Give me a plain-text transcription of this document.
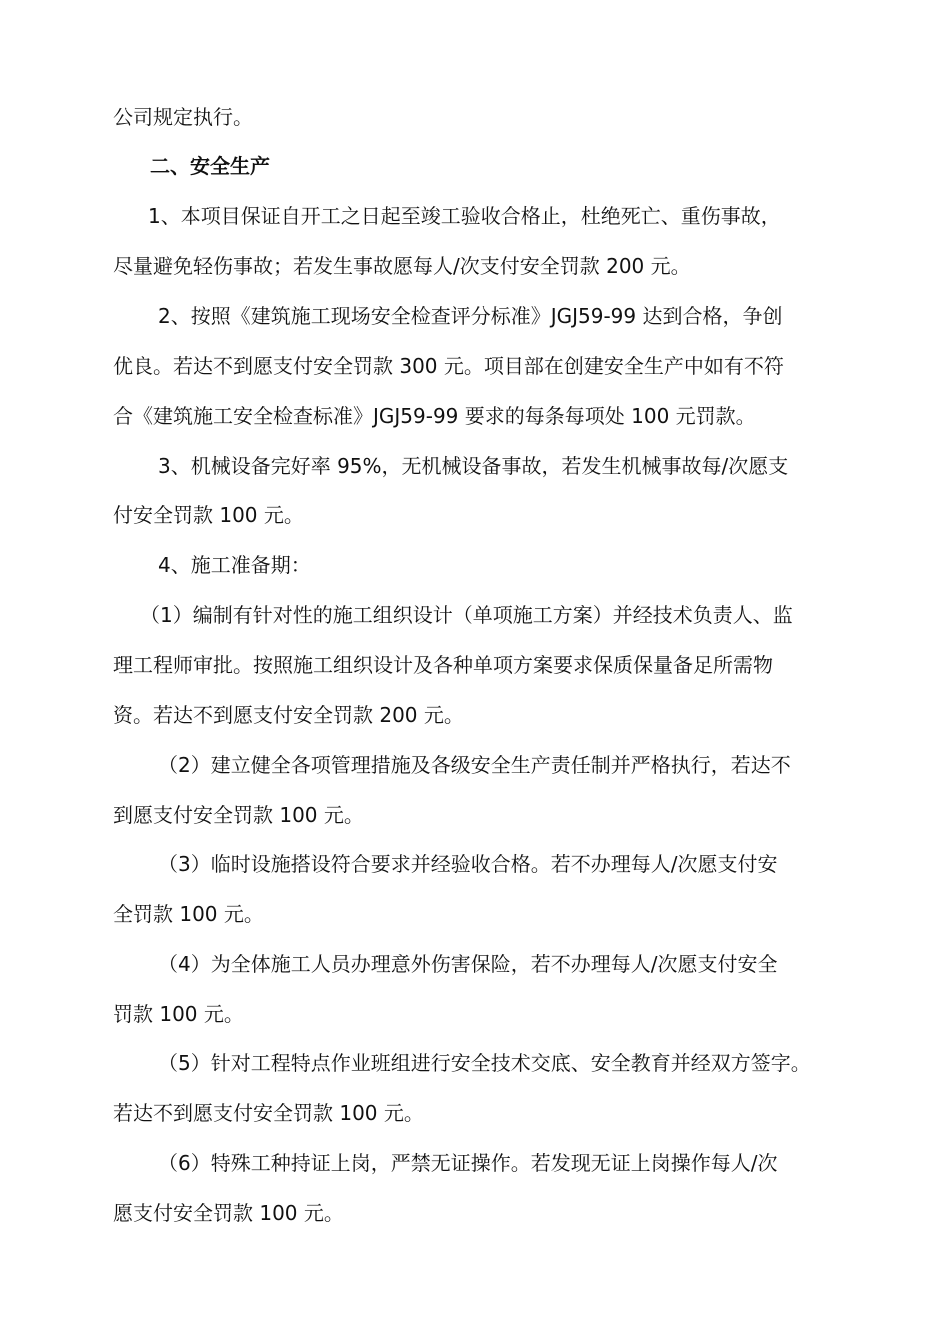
公司规定执行。
二、安全生产
1、本项目保证自开工之日起至竣工验收合格止，杜绝死亡、重伤事故，
尽量避免轻伤事故；若发生事故愿每人/次支付安全罚款 200 元。
2、按照《建筑施工现场安全检查评分标准》JGJ59-99 达到合格，争创
优良。若达不到愿支付安全罚款 300 元。项目部在创建安全生产中如有不符
合《建筑施工安全检查标准》JGJ59-99 要求的每条每项处 100 元罚款。
3、机械设备完好率 95%，无机械设备事故，若发生机械事故每/次愿支
付安全罚款 100 元。
4、施工准备期：
（1）编制有针对性的施工组织设计（单项施工方案）并经技术负责人、监
理工程师审批。按照施工组织设计及各种单项方案要求保质保量备足所需物
资。若达不到愿支付安全罚款 200 元。
（2）建立健全各项管理措施及各级安全生产责任制并严格执行，若达不
到愿支付安全罚款 100 元。
（3）临时设施搭设符合要求并经验收合格。若不办理每人/次愿支付安
全罚款 100 元。
（4）为全体施工人员办理意外伤害保险，若不办理每人/次愿支付安全
罚款 100 元。
（5）针对工程特点作业班组进行安全技术交底、安全教育并经双方签字。
若达不到愿支付安全罚款 100 元。
（6）特殊工种持证上岗，严禁无证操作。若发现无证上岗操作每人/次
愿支付安全罚款 100 元。
